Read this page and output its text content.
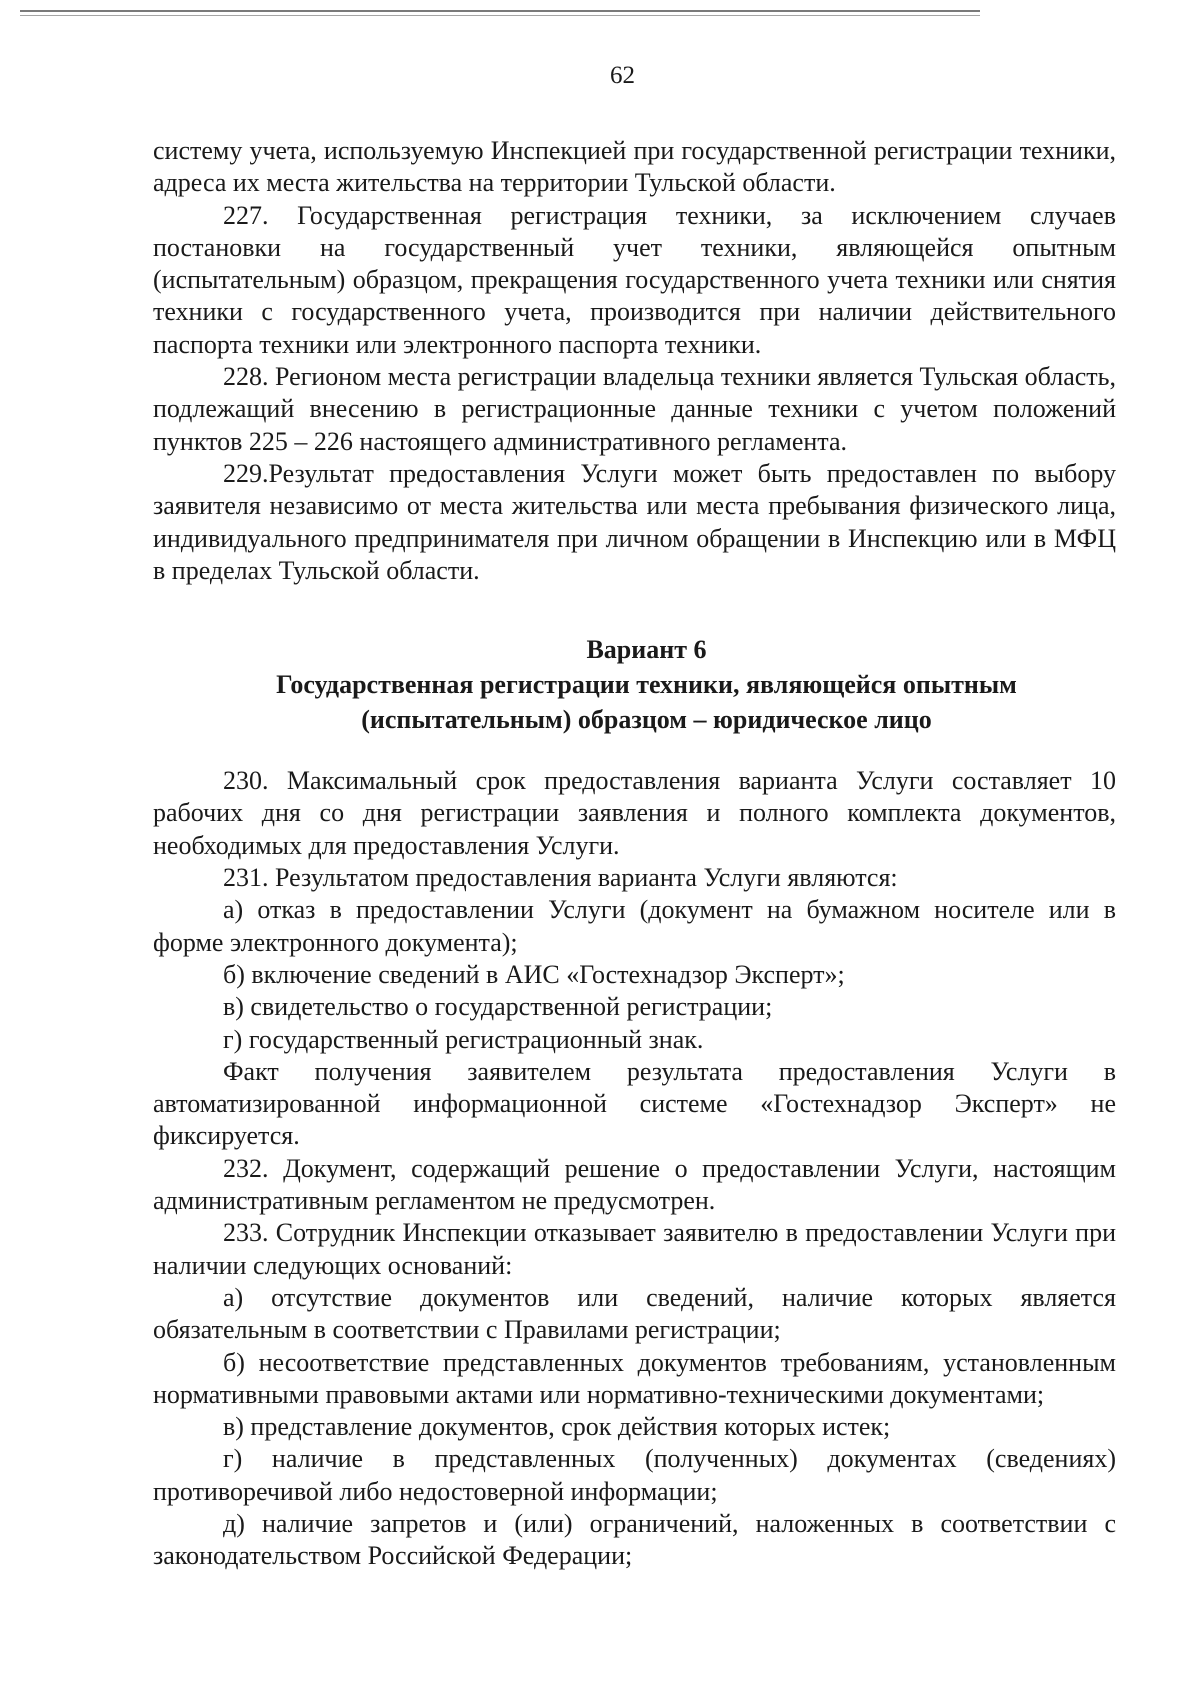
62

систему учета, используемую Инспекцией при государственной регистрации техники, адреса их места жительства на территории Тульской области.

227. Государственная регистрация техники, за исключением случаев постановки на государственный учет техники, являющейся опытным (испытательным) образцом, прекращения государственного учета техники или снятия техники с государственного учета, производится при наличии действительного паспорта техники или электронного паспорта техники.

228. Регионом места регистрации владельца техники является Тульская область, подлежащий внесению в регистрационные данные техники с учетом положений пунктов 225 – 226 настоящего административного регламента.

229.Результат предоставления Услуги может быть предоставлен по выбору заявителя независимо от места жительства или места пребывания физического лица, индивидуального предпринимателя при личном обращении в Инспекцию или в МФЦ в пределах Тульской области.

Вариант 6
Государственная регистрации техники, являющейся опытным
(испытательным) образцом – юридическое лицо

230. Максимальный срок предоставления варианта Услуги составляет 10 рабочих дня со дня регистрации заявления и полного комплекта документов, необходимых для предоставления Услуги.

231. Результатом предоставления варианта Услуги являются:

а) отказ в предоставлении Услуги (документ на бумажном носителе или в форме электронного документа);

б) включение сведений в АИС «Гостехнадзор Эксперт»;

в) свидетельство о государственной регистрации;

г) государственный регистрационный знак.

Факт получения заявителем результата предоставления Услуги в автоматизированной информационной системе «Гостехнадзор Эксперт» не фиксируется.

232. Документ, содержащий решение о предоставлении Услуги, настоящим административным регламентом не предусмотрен.

233. Сотрудник Инспекции отказывает заявителю в предоставлении Услуги при наличии следующих оснований:

а) отсутствие документов или сведений, наличие которых является обязательным в соответствии с Правилами регистрации;

б) несоответствие представленных документов требованиям, установленным нормативными правовыми актами или нормативно-техническими документами;

в) представление документов, срок действия которых истек;

г) наличие в представленных (полученных) документах (сведениях) противоречивой либо недостоверной информации;

д) наличие запретов и (или) ограничений, наложенных в соответствии с законодательством Российской Федерации;
